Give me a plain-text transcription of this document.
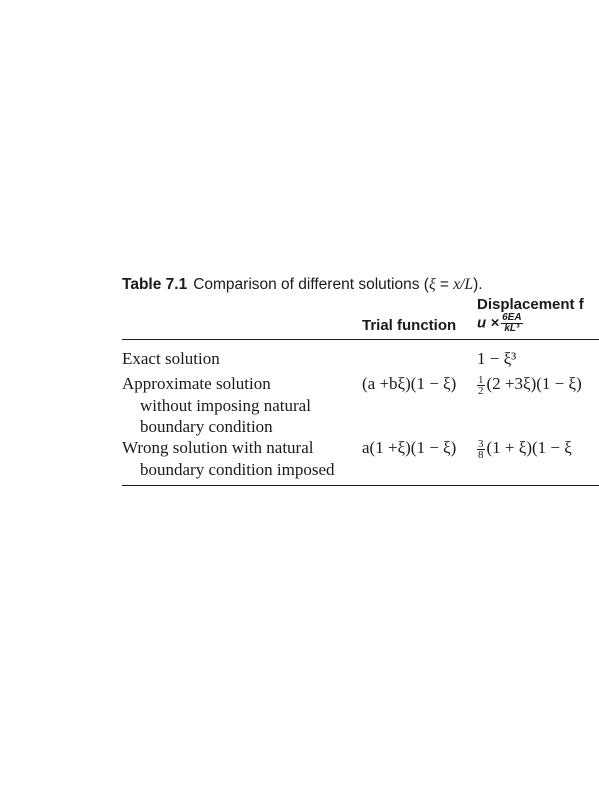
Table 7.1 Comparison of different solutions (ξ = x/L).
Displacement f
Trial function $u \times \frac{6EA}{\text{kL³}}$
Exact solution	1 − ξ³
Approximate solution
without imposing natural
boundary condition
$(a +b\xi)(1 - \xi) \frac{1}{2} (2 +3\xi)(1 - \xi)$
Wrong solution with natural
boundary condition imposed
$a(1 +\xi)(1 - \xi) \frac{3}{8} (1 + \xi)(1 - \xi$
